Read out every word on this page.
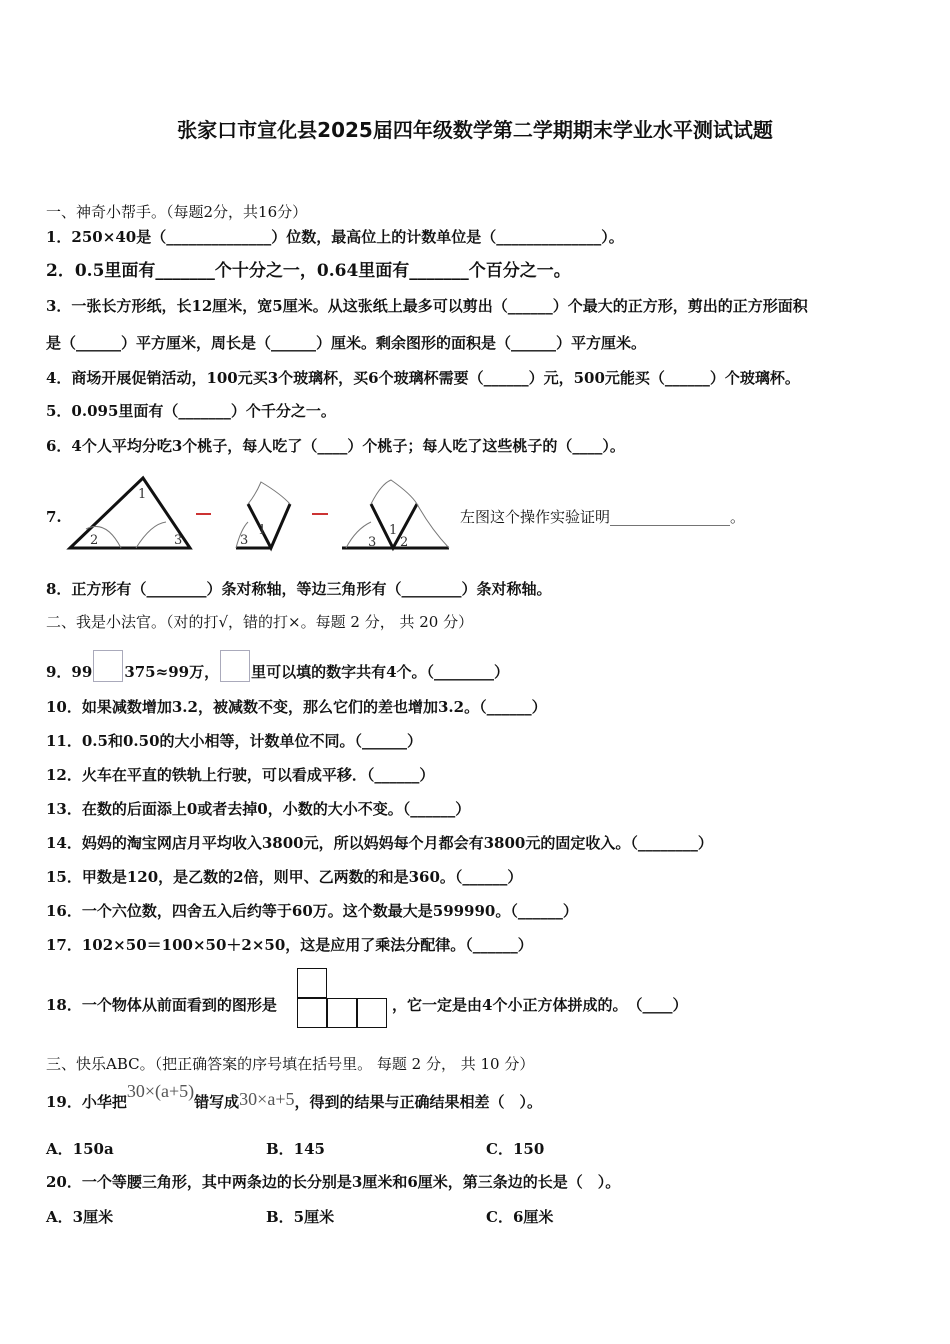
张家口市宣化县2025届四年级数学第二学期期末学业水平测试试题
一、神奇小帮手。（每题2分，共16分）
1．250×40是（______________）位数，最高位上的计数单位是（______________）。
2．0.5里面有_______个十分之一，0.64里面有_______个百分之一。
3．一张长方形纸，长12厘米，宽5厘米。从这张纸上最多可以剪出（______）个最大的正方形，剪出的正方形面积
是（______）平方厘米，周长是（______）厘米。剩余图形的面积是（______）平方厘米。
4．商场开展促销活动，100元买3个玻璃杯，买6个玻璃杯需要（______）元，500元能买（______）个玻璃杯。
5．0.095里面有（_______）个千分之一。
6．4个人平均分吃3个桃子，每人吃了（____）个桃子；每人吃了这些桃子的（____）。
7.
1
2	3
1
3
1
3 2
左图这个操作实验证明________________。
8．正方形有（________）条对称轴，等边三角形有（________）条对称轴。
二、我是小法官。（对的打√，错的打×。每题 2 分， 共 20 分）
9．99 375≈99万， 里可以填的数字共有4个。（________）
10．如果减数增加3.2，被减数不变，那么它们的差也增加3.2。（______）
11．0.5和0.50的大小相等，计数单位不同。（______）
12．火车在平直的铁轨上行驶，可以看成平移．（______）
13．在数的后面添上0或者去掉0，小数的大小不变。（______）
14．妈妈的淘宝网店月平均收入3800元，所以妈妈每个月都会有3800元的固定收入。（________）
15．甲数是120，是乙数的2倍，则甲、乙两数的和是360。（______）
16．一个六位数，四舍五入后约等于60万。这个数最大是599990。（______）
17．102×50＝100×50＋2×50，这是应用了乘法分配律。（______）
18．一个物体从前面看到的图形是	，它一定是由4个小正方体拼成的。　（____）
三、快乐ABC。（把正确答案的序号填在括号里。 每题 2 分， 共 10 分）
19．小华把30×(a+5)错写成30×a+5，得到的结果与正确结果相差（　）。
A．150a	B．145	C．150
20．一个等腰三角形，其中两条边的长分别是3厘米和6厘米，第三条边的长是（　）。
A．3厘米	B．5厘米	C．6厘米
